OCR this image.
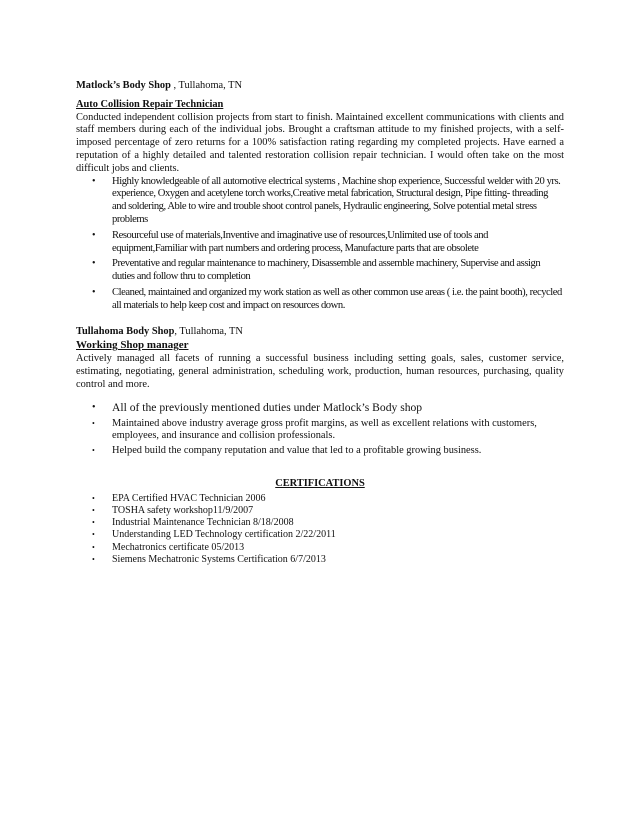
Matlock’s Body Shop , Tullahoma, TN
Auto Collision Repair Technician
Conducted independent collision projects from start to finish. Maintained excellent communications with clients and staff members during each of the individual jobs. Brought a craftsman attitude to my finished projects, with a self-imposed percentage of zero returns for a 100% satisfaction rating regarding my completed projects. Have earned a reputation of a highly detailed and talented restoration collision repair technician. I would often take on the most difficult jobs and clients.
• Highly knowledgeable of all automotive electrical systems , Machine shop experience, Successful welder with 20 yrs. experience, Oxygen and acetylene torch works,Creative metal fabrication, Structural design, Pipe fitting- threading and soldering, Able to wire and trouble shoot control panels, Hydraulic engineering, Solve potential metal stress problems
• Resourceful use of materials,Inventive and imaginative use of resources,Unlimited use of tools and equipment,Familiar with part numbers and ordering process, Manufacture parts that are obsolete
• Preventative and regular maintenance to machinery, Disassemble and assemble machinery, Supervise and assign duties and follow thru to completion
• Cleaned, maintained and organized my work station as well as other common use areas ( i.e. the paint booth), recycled all materials to help keep cost and impact on resources down.
Tullahoma Body Shop, Tullahoma, TN
Working Shop manager
Actively managed all facets of running a successful business including setting goals, sales, customer service, estimating, negotiating, general administration, scheduling work, production, human resources, purchasing, quality control and more.
• All of the previously mentioned duties under Matlock’s Body shop
• Maintained above industry average gross profit margins, as well as excellent relations with customers, employees, and insurance and collision professionals.
• Helped build the company reputation and value that led to a profitable growing business.
CERTIFICATIONS
• EPA Certified HVAC Technician 2006
• TOSHA safety workshop11/9/2007
• Industrial Maintenance Technician 8/18/2008
• Understanding LED Technology certification 2/22/2011
• Mechatronics certificate 05/2013
• Siemens Mechatronic Systems Certification 6/7/2013
